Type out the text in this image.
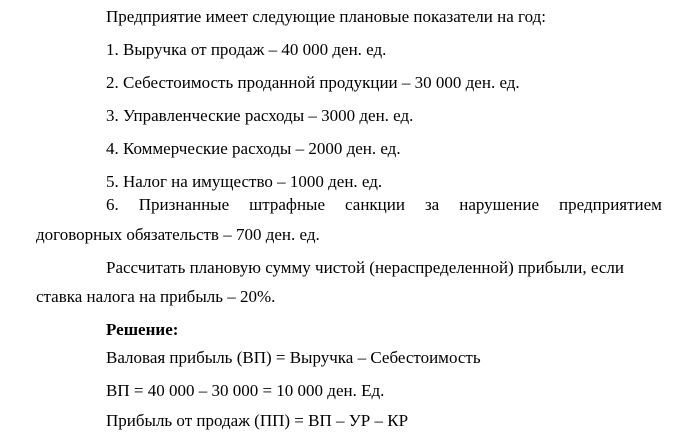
Предприятие имеет следующие плановые показатели на год:
1. Выручка от продаж – 40 000 ден. ед.
2. Себестоимость проданной продукции – 30 000 ден. ед.
3. Управленческие расходы – 3000 ден. ед.
4. Коммерческие расходы – 2000 ден. ед.
5. Налог на имущество – 1000 ден. ед.
6. Признанные штрафные санкции за нарушение предприятием
договорных обязательств – 700 ден. ед.
Рассчитать плановую сумму чистой (нераспределенной) прибыли, если
ставка налога на прибыль – 20%.
Решение:
Валовая прибыль (ВП) = Выручка – Себестоимость
ВП = 40 000 – 30 000 = 10 000 ден. Ед.
Прибыль от продаж (ПП) = ВП – УР – КР
